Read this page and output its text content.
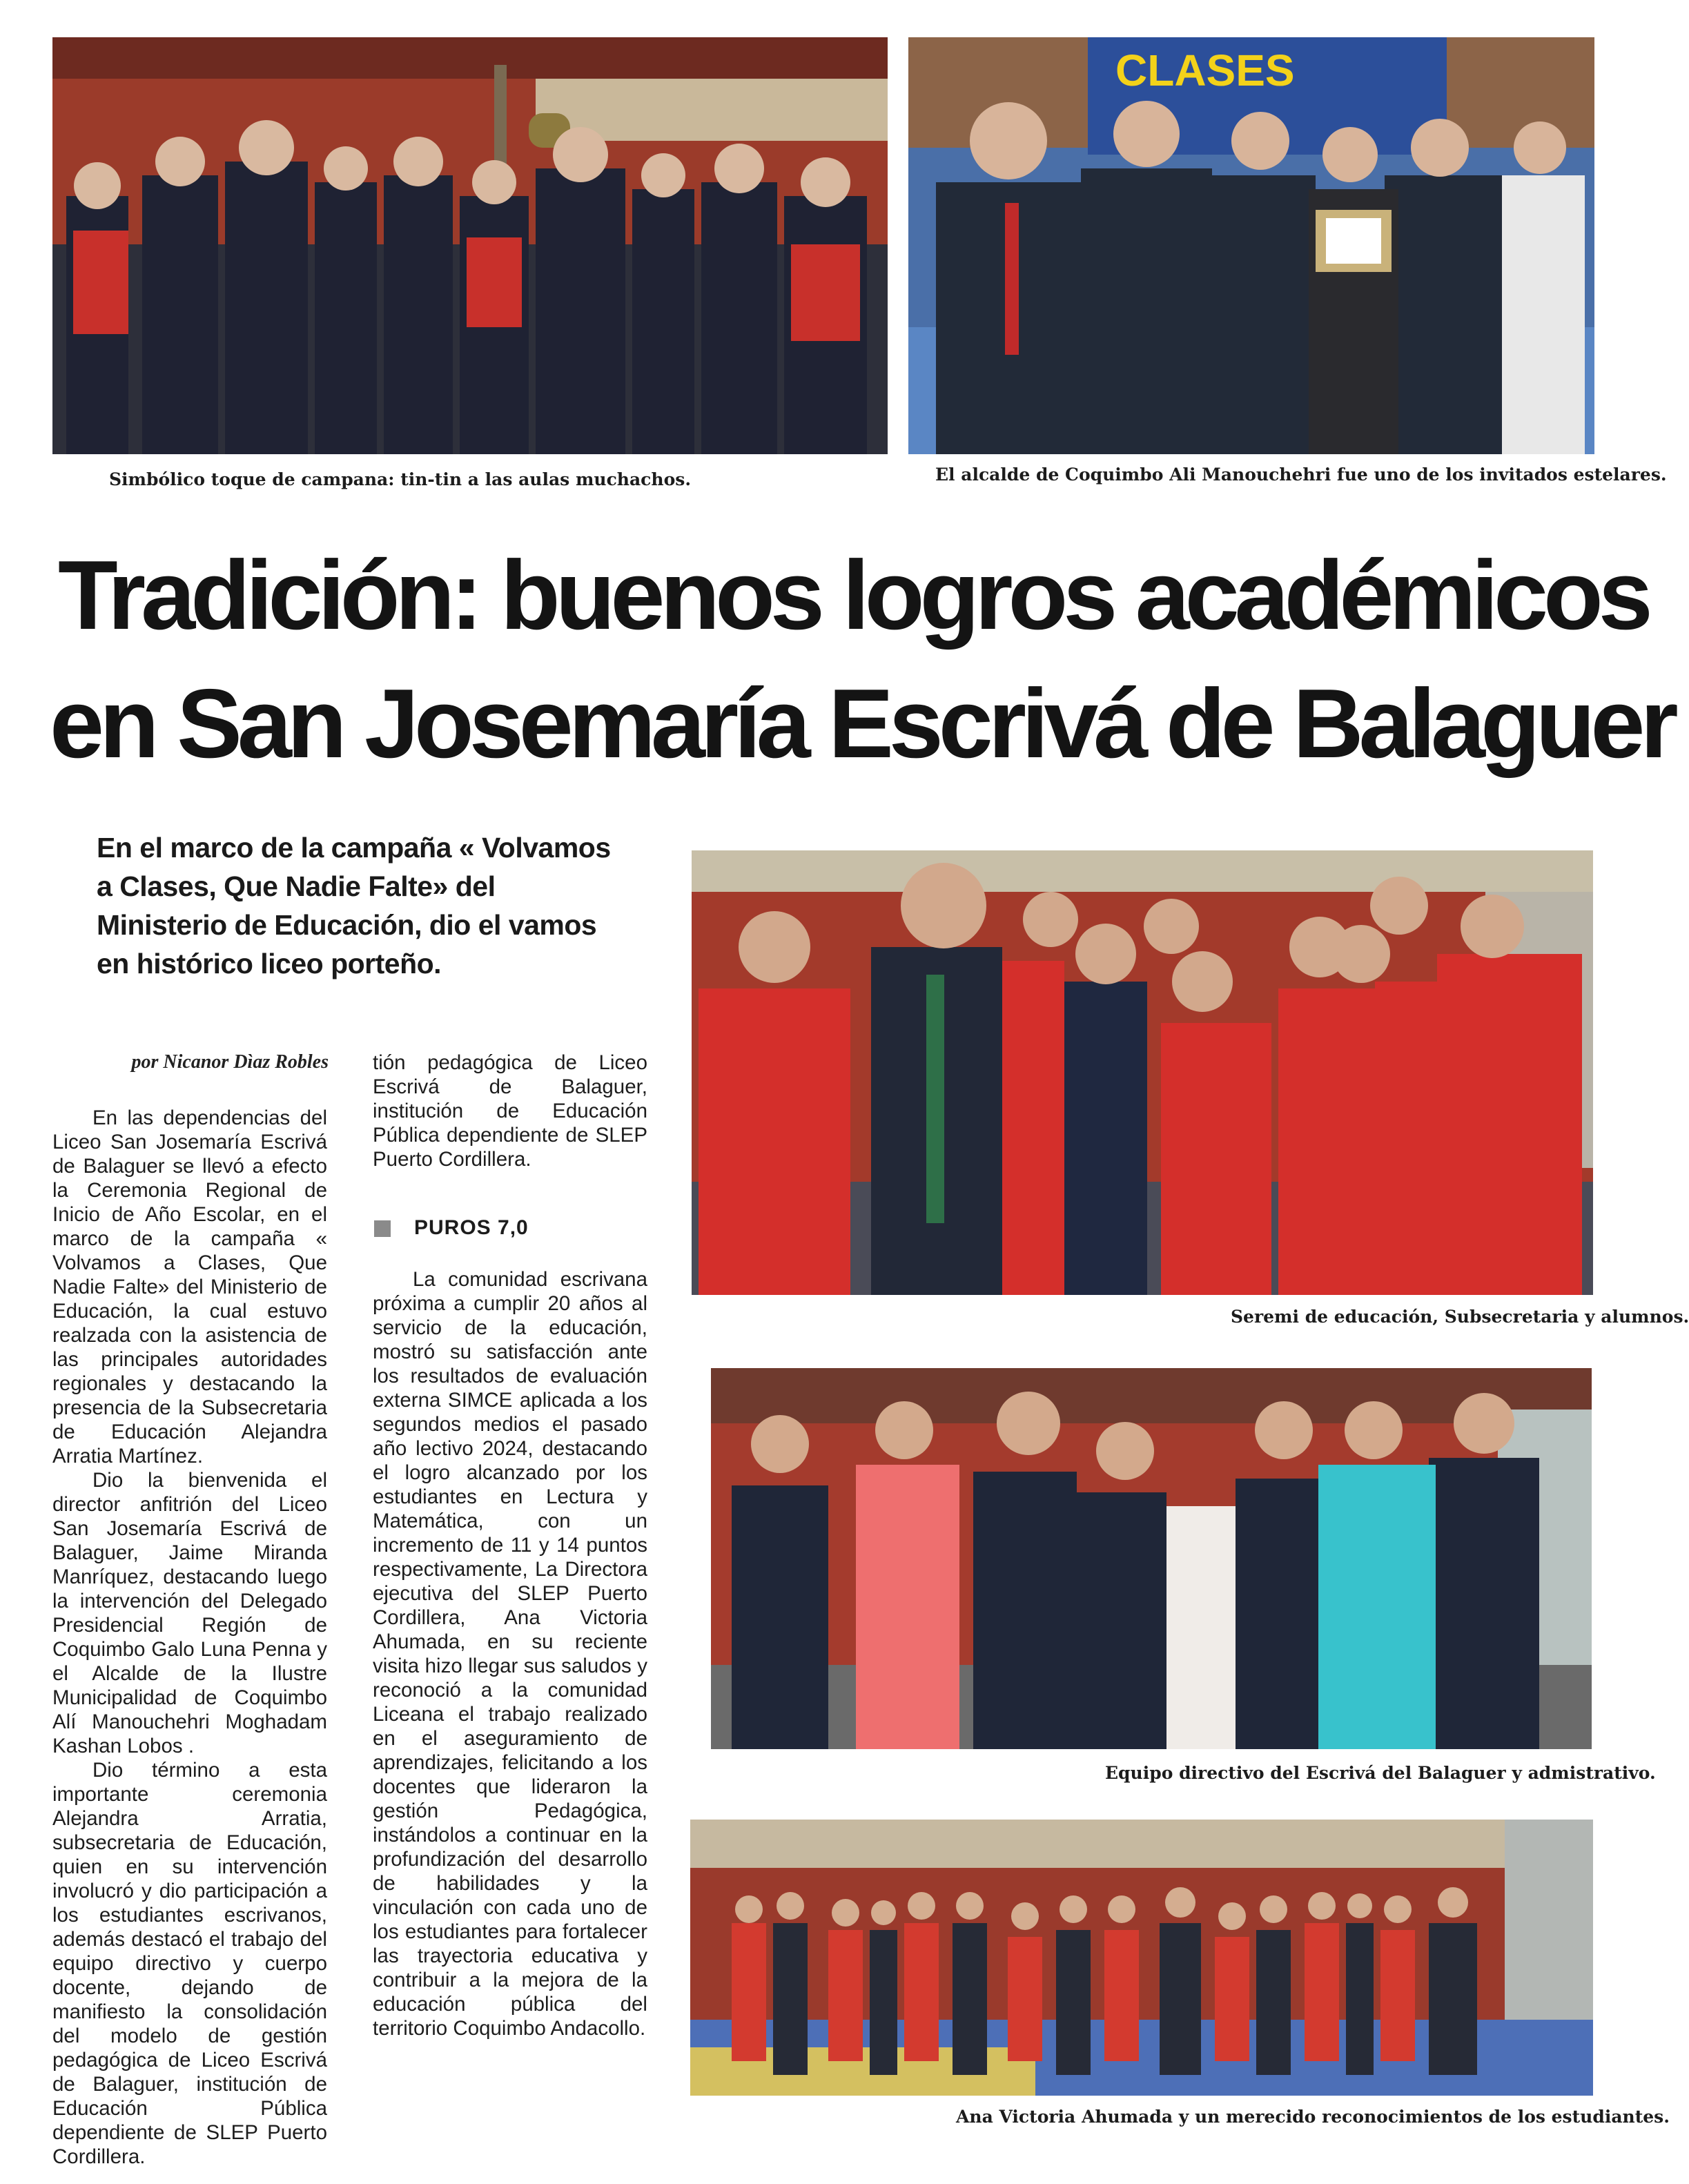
Simbólico toque de campana: tin-tin a las aulas muchachos.
CLASES
El alcalde de Coquimbo Ali Manouchehri fue uno de los invitados estelares.
Tradición: buenos logros académicos
en San Josemaría Escrivá de Balaguer
En el marco de la campaña « Volvamos a Clases, Que Nadie Falte» del Ministerio de Educación, dio el vamos en histórico liceo porteño.
Seremi de educación, Subsecretaria y alumnos.
Equipo directivo del Escrivá del Balaguer y admistrativo.
Ana Victoria Ahumada y un merecido reconocimientos de los estudiantes.
por Nicanor Dìaz Robles

En las dependencias del Liceo San Josemaría Escrivá de Balaguer se llevó a efecto la Ceremonia Regional de Inicio de Año Escolar, en el marco de la campaña « Volvamos a Clases, Que Nadie Falte» del Ministerio de Educación, la cual estuvo realzada con la asistencia de las principales autoridades regionales y destacando la presencia de la Subsecretaria de Educación Alejandra Arratia Martínez.

Dio la bienvenida el director anfitrión del Liceo San Josemaría Escrivá de Balaguer, Jaime Miranda Manríquez, destacando luego la intervención del Delegado Presidencial Región de Coquimbo Galo Luna Penna y el Alcalde de la Ilustre Municipalidad de Coquimbo Alí Manouchehri Moghadam Kashan Lobos .

Dio término a esta importante ceremonia Alejandra Arratia, subsecretaria de Educación, quien en su intervención involucró y dio participación a los estudiantes escrivanos, además destacó el trabajo del equipo directivo y cuerpo docente, dejando de manifiesto la consolidación del modelo de gestión pedagógica de Liceo Escrivá de Balaguer, institución de Educación Pública dependiente de SLEP Puerto Cordillera.

tión pedagógica de Liceo Escrivá de Balaguer, institución de Educación Pública dependiente de SLEP Puerto Cordillera.
PUROS 7,0

La comunidad escrivana próxima a cumplir 20 años al servicio de la educación, mostró su satisfacción ante los resultados de evaluación externa SIMCE aplicada a los segundos medios el pasado año lectivo 2024, destacando el logro alcanzado por los estudiantes en Lectura y Matemática, con un incremento de 11 y 14 puntos respectivamente, La Directora ejecutiva del SLEP Puerto Cordillera, Ana Victoria Ahumada, en su reciente visita hizo llegar sus saludos y reconoció a la comunidad Liceana el trabajo realizado en el aseguramiento de aprendizajes, felicitando a los docentes que lideraron la gestión Pedagógica, instándolos a continuar en la profundización del desarrollo de habilidades y la vinculación con cada uno de los estudiantes para fortalecer las trayectoria educativa y contribuir a la mejora de la educación pública del territorio Coquimbo Andacollo.
